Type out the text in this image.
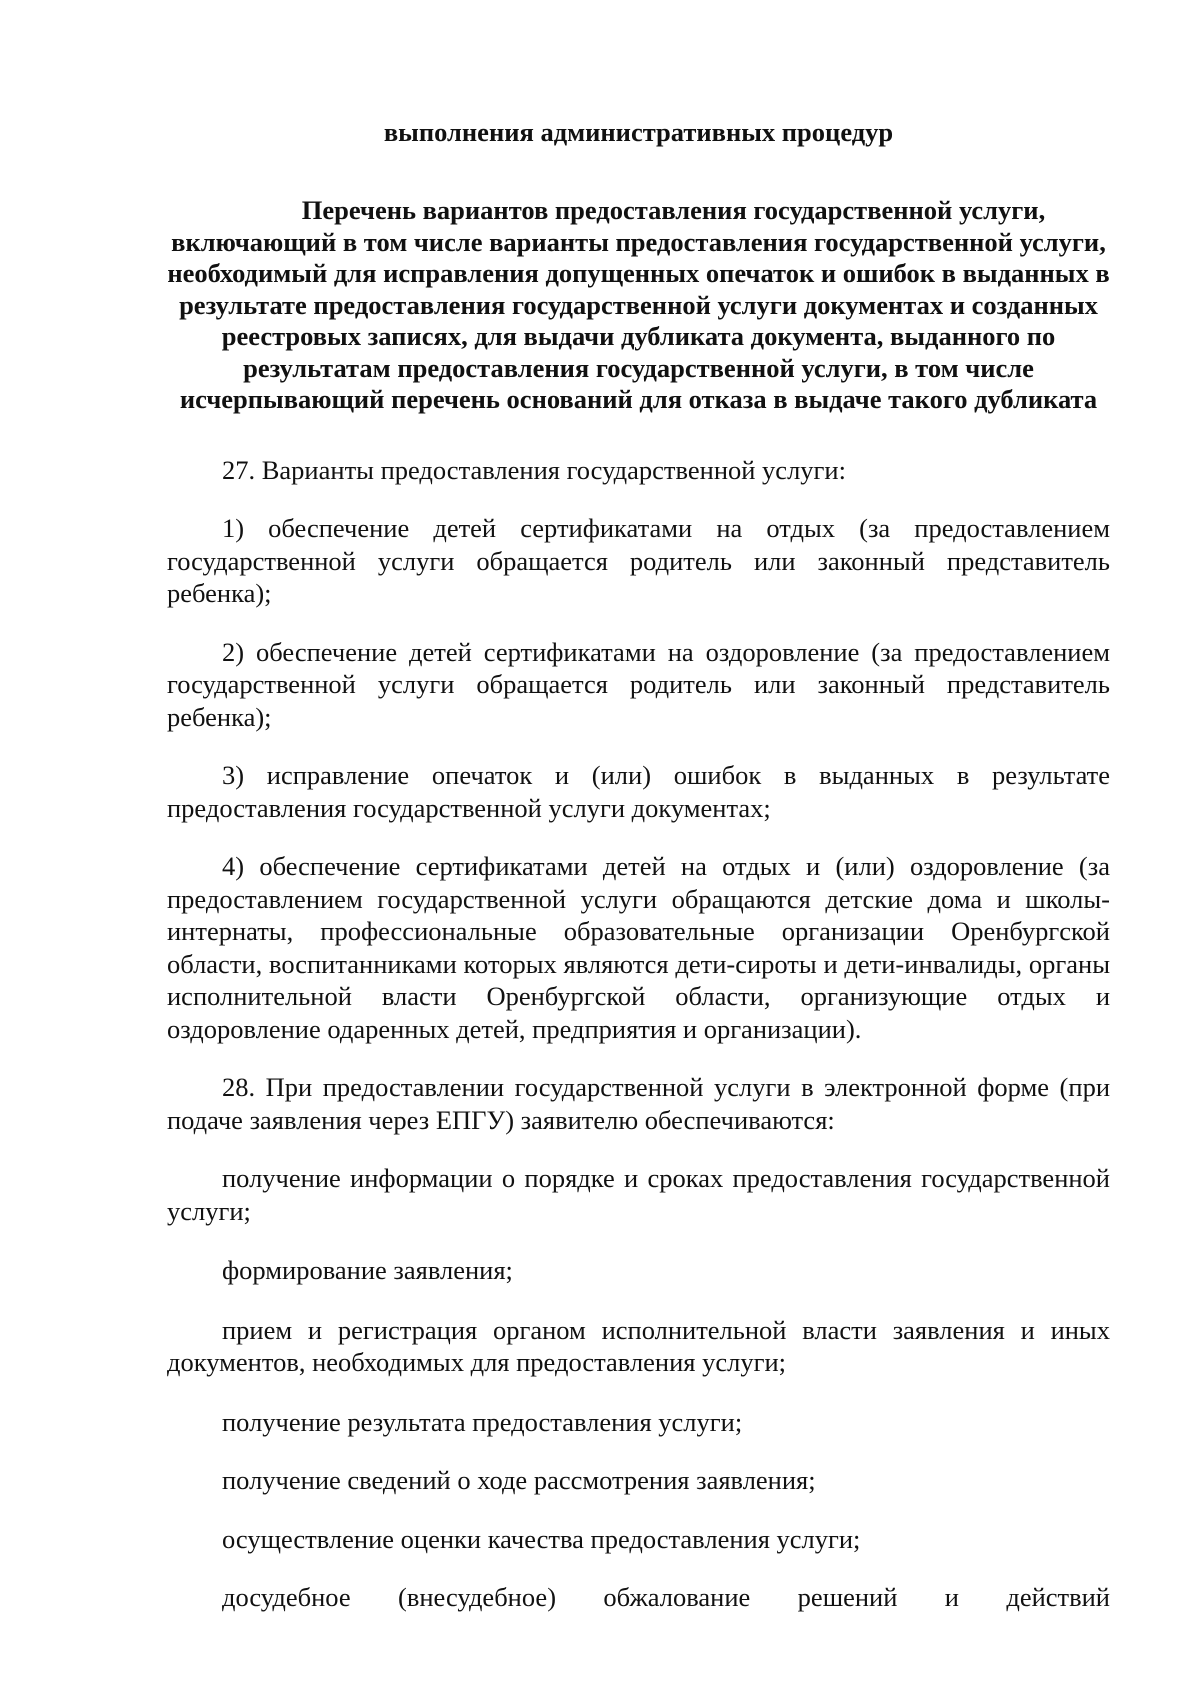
выполнения административных процедур

Перечень вариантов предоставления государственной услуги, включающий в том числе варианты предоставления государственной услуги, необходимый для исправления допущенных опечаток и ошибок в выданных в результате предоставления государственной услуги документах и созданных реестровых записях, для выдачи дубликата документа, выданного по результатам предоставления государственной услуги, в том числе исчерпывающий перечень оснований для отказа в выдаче такого дубликата

27. Варианты предоставления государственной услуги:

1) обеспечение детей сертификатами на отдых (за предоставлением государственной услуги обращается родитель или законный представитель ребенка);

2) обеспечение детей сертификатами на оздоровление (за предоставлением государственной услуги обращается родитель или законный представитель ребенка);

3) исправление опечаток и (или) ошибок в выданных в результате предоставления государственной услуги документах;

4) обеспечение сертификатами детей на отдых и (или) оздоровление (за предоставлением государственной услуги обращаются детские дома и школы-интернаты, профессиональные образовательные организации Оренбургской области, воспитанниками которых являются дети-сироты и дети-инвалиды, органы исполнительной власти Оренбургской области, организующие отдых и оздоровление одаренных детей, предприятия и организации).

28. При предоставлении государственной услуги в электронной форме (при подаче заявления через ЕПГУ) заявителю обеспечиваются:

получение информации о порядке и сроках предоставления государственной услуги;

формирование заявления;

прием и регистрация органом исполнительной власти заявления и иных документов, необходимых для предоставления услуги;

получение результата предоставления услуги;

получение сведений о ходе рассмотрения заявления;

осуществление оценки качества предоставления услуги;

досудебное (внесудебное) обжалование решений и действий
